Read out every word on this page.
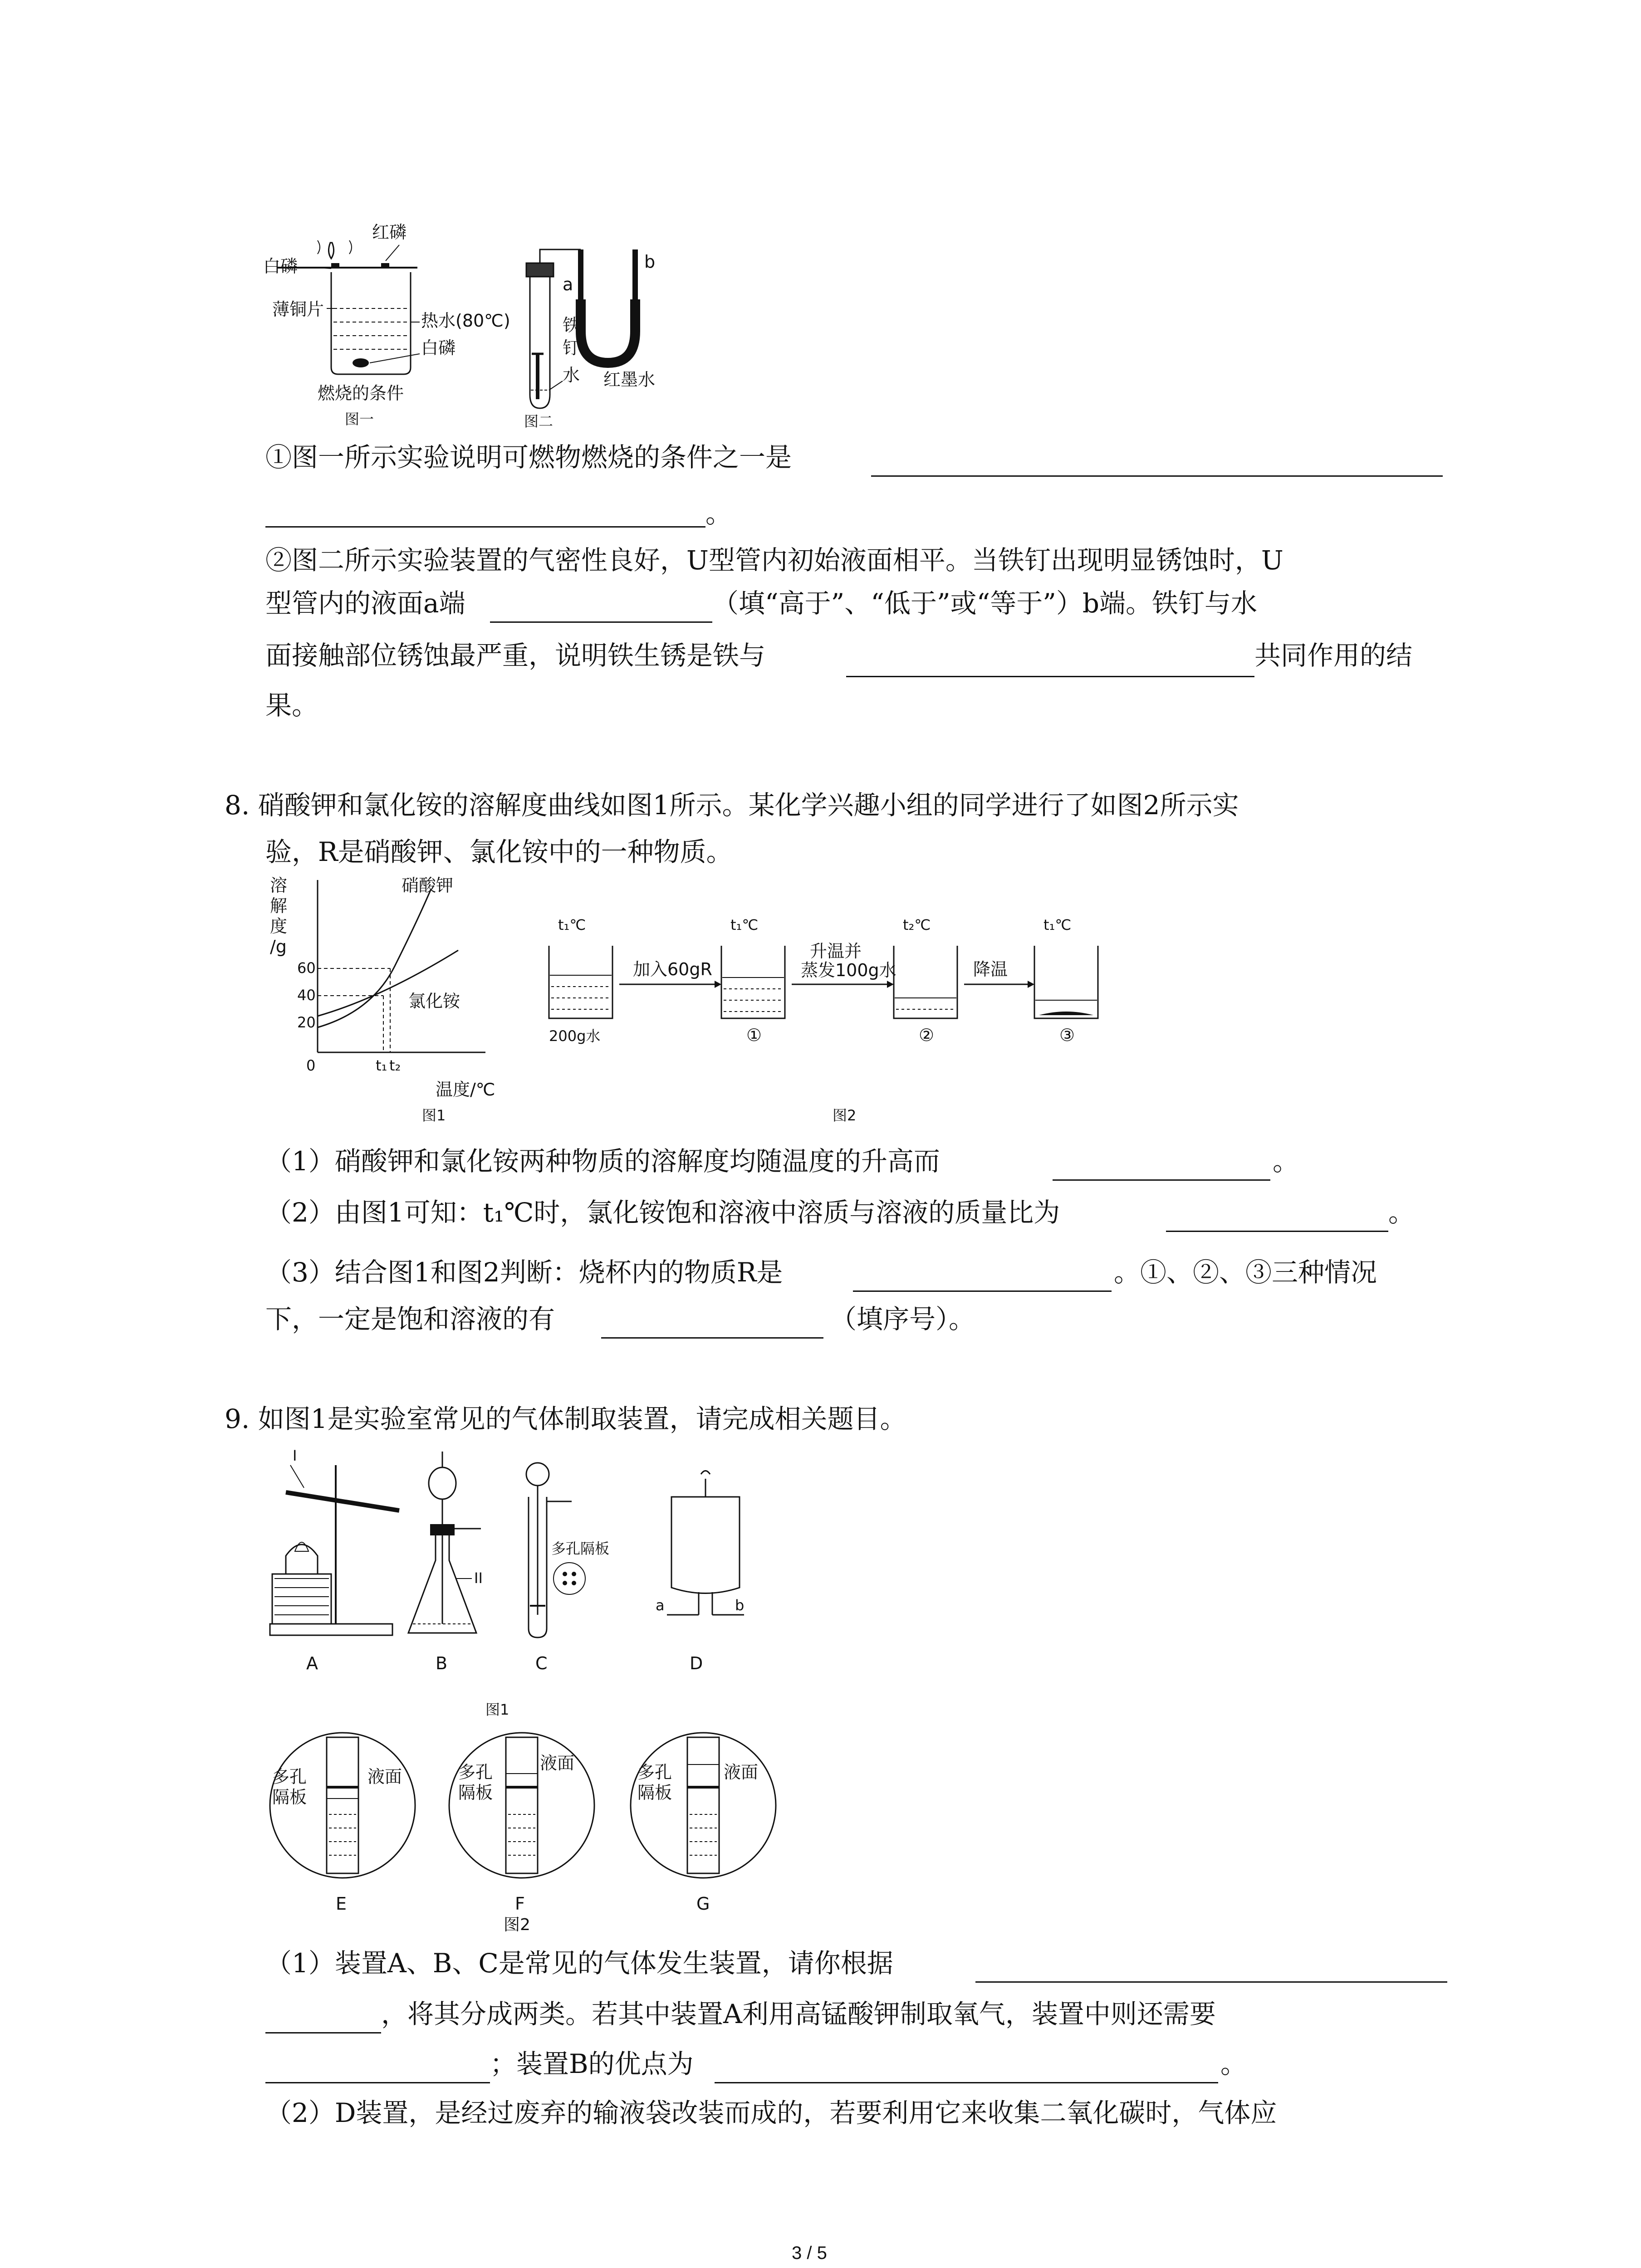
红磷
白磷
薄铜片
热水(80℃)
白磷
燃烧的条件
图一
a
b
铁
钉
水 红墨水
图二
①图一所示实验说明可燃物燃烧的条件之一是
。
②图二所示实验装置的气密性良好，U型管内初始液面相平。当铁钉出现明显锈蚀时，U
型管内的液面a端	（填“高于”、“低于”或“等于”）b端。铁钉与水
面接触部位锈蚀最严重，说明铁生锈是铁与	共同作用的结
果。
8. 硝酸钾和氯化铵的溶解度曲线如图1所示。某化学兴趣小组的同学进行了如图2所示实
验，R是硝酸钾、氯化铵中的一种物质。
溶
解
度
/g
硝酸钾
氯化铵
60
40
20
0	t₁ t₂
温度/℃
图1
t₁℃	t₁℃	t₂℃	t₁℃
加入60gR
升温并
蒸发100g水	降温
200g水	①	②	③
图2
（1）硝酸钾和氯化铵两种物质的溶解度均随温度的升高而	。
（2）由图1可知：t₁℃时，氯化铵饱和溶液中溶质与溶液的质量比为	。
（3）结合图1和图2判断：烧杯内的物质R是	。①、②、③三种情况
下，一定是饱和溶液的有	（填序号）。
9. 如图1是实验室常见的气体制取装置，请完成相关题目。
I
II
多孔隔板
a	b
A	B	C	D
图1
多孔
隔板
液面
E
多孔
隔板
液面
F
多孔
隔板
液面
G
图2
（1）装置A、B、C是常见的气体发生装置，请你根据
，将其分成两类。若其中装置A利用高锰酸钾制取氧气，装置中则还需要
；装置B的优点为	。
（2）D装置，是经过废弃的输液袋改装而成的，若要利用它来收集二氧化碳时，气体应
3 / 5
